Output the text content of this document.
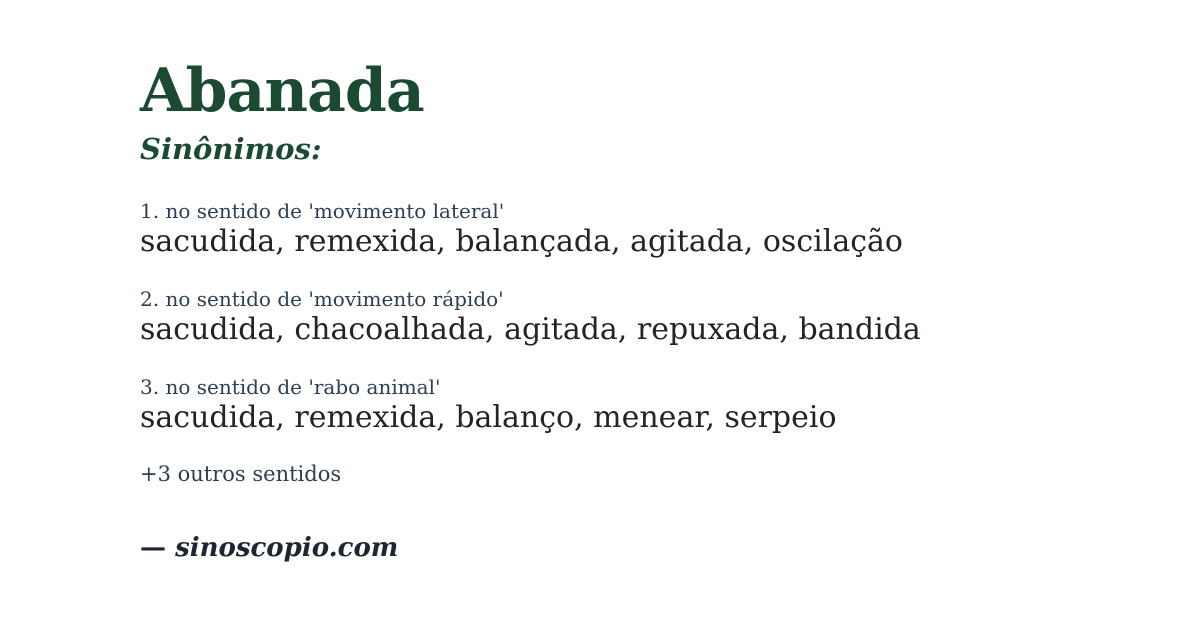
Abanada
Sinônimos:
1. no sentido de 'movimento lateral'
sacudida, remexida, balançada, agitada, oscilação
2. no sentido de 'movimento rápido'
sacudida, chacoalhada, agitada, repuxada, bandida
3. no sentido de 'rabo animal'
sacudida, remexida, balanço, menear, serpeio
+3 outros sentidos
— sinoscopio.com
